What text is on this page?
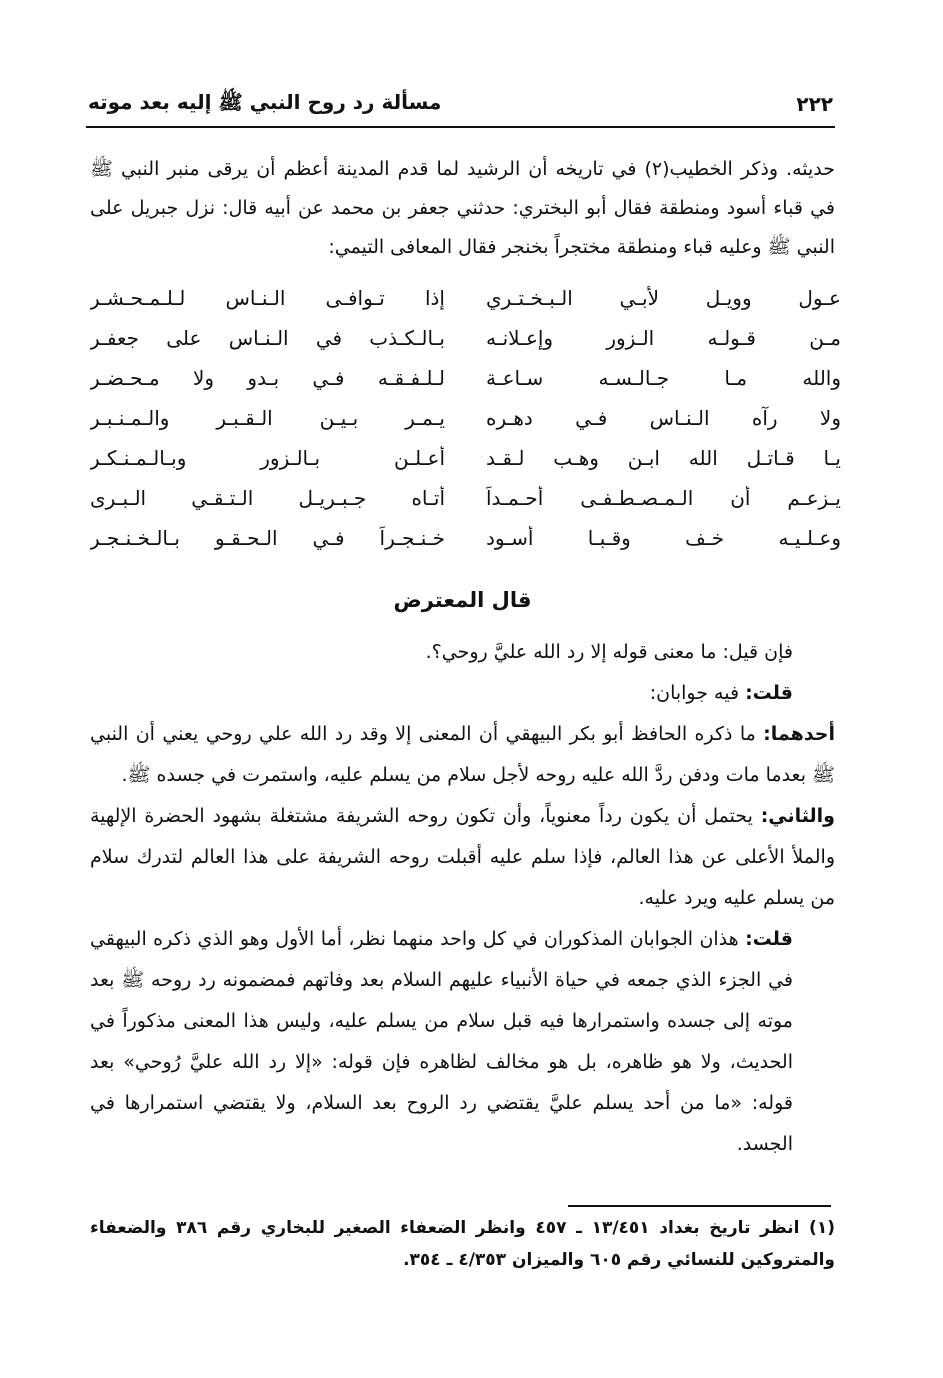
٢٢٢
مسألة رد روح النبي ﷺ إليه بعد موته

حديثه. وذكر الخطيب(٢) في تاريخه أن الرشيد لما قدم المدينة أعظم أن يرقى منبر النبي ﷺ في قباء أسود ومنطقة فقال أبو البختري: حدثني جعفر بن محمد عن أبيه قال: نزل جبريل على النبي ﷺ وعليه قباء ومنطقة مختجراً بخنجر فقال المعافى التيمي:

عـول وويـل لأبـي الـبـخـتـري
إذا تـوافـى الـنـاس لـلـمـحـشـر
مـن قـولـه الـزور وإعـلانـه
بـالـكـذب في الـنـاس على جعفـر
والله مـا جـالـسـه سـاعـة
لـلـفـقـه فـي بـدو ولا مـحـضـر
ولا رآه الـنـاس فـي دهـره
يـمـر بـيـن الـقـبـر والـمـنـبـر
يـا قـاتـل الله ابـن وهـب لـقـد
أعـلـن بـالـزور وبـالـمـنـكـر
يـزعـم أن الـمـصـطـفـى أحـمـداً
أتـاه جـبـريـل الـتـقـي الـبـرى
وعـلـيـه خـف وقـبـا أسـود
خـنـجـراً فـي الـحـقـو بـالـخـنـجـر
قال المعترض

فإن قيل: ما معنى قوله إلا رد الله عليَّ روحي؟.

قلت: فيه جوابان:

أحدهما: ما ذكره الحافظ أبو بكر البيهقي أن المعنى إلا وقد رد الله علي روحي يعني أن النبي ﷺ بعدما مات ودفن ردَّ الله عليه روحه لأجل سلام من يسلم عليه، واستمرت في جسده ﷺ.

والثاني: يحتمل أن يكون رداً معنوياً، وأن تكون روحه الشريفة مشتغلة بشهود الحضرة الإلهية والملأ الأعلى عن هذا العالم، فإذا سلم عليه أقبلت روحه الشريفة على هذا العالم لتدرك سلام من يسلم عليه ويرد عليه.

قلت: هذان الجوابان المذكوران في كل واحد منهما نظر، أما الأول وهو الذي ذكره البيهقي في الجزء الذي جمعه في حياة الأنبياء عليهم السلام بعد وفاتهم فمضمونه رد روحه ﷺ بعد موته إلى جسده واستمرارها فيه قبل سلام من يسلم عليه، وليس هذا المعنى مذكوراً في الحديث، ولا هو ظاهره، بل هو مخالف لظاهره فإن قوله: «إلا رد الله عليَّ رُوحي» بعد قوله: «ما من أحد يسلم عليَّ يقتضي رد الروح بعد السلام، ولا يقتضي استمرارها في الجسد.

(١) انظر تاريخ بغداد ١٣/٤٥١ ـ ٤٥٧ وانظر الضعفاء الصغير للبخاري رقم ٣٨٦ والضعفاء والمتروكين للنسائي رقم ٦٠٥ والميزان ٤/٣٥٣ ـ ٣٥٤.
